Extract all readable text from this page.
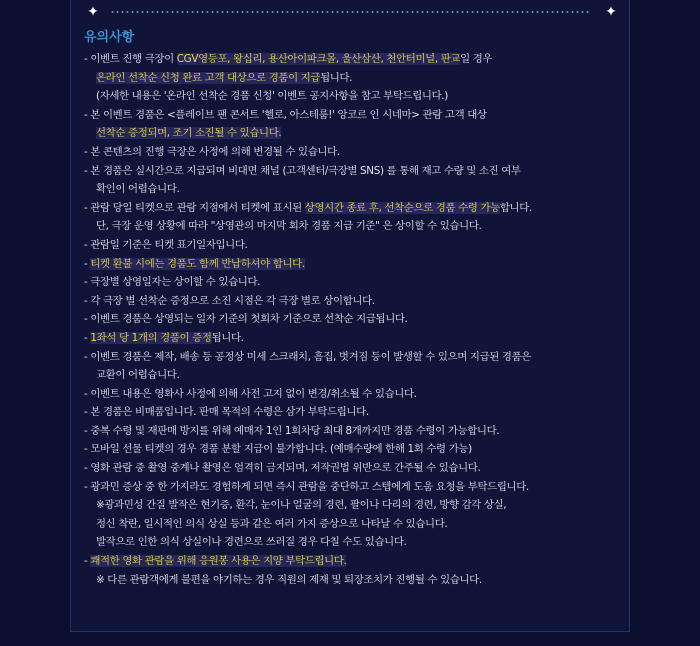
✦	✦
유의사항
- 이벤트 진행 극장이 CGV영등포, 왕십리, 용산아이파크몰, 울산삼산, 천안터미널, 판교일 경우
온라인 선착순 신청 완료 고객 대상으로 경품이 지급됩니다.
(자세한 내용은 '온라인 선착순 경품 신청' 이벤트 공지사항을 참고 부탁드립니다.)
- 본 이벤트 경품은 <플레이브 팬 콘서트 '헬로, 아스테룸!' 앙코르 인 시네마> 관람 고객 대상
선착순 증정되며, 조기 소진될 수 있습니다.
- 본 콘텐츠의 진행 극장은 사정에 의해 변경될 수 있습니다.
- 본 경품은 실시간으로 지급되며 비대면 채널 (고객센터/극장별 SNS) 를 통해 재고 수량 및 소진 여부
확인이 어렵습니다.
- 관람 당일 티켓으로 관람 지점에서 티켓에 표시된 상영시간 종료 후, 선착순으로 경품 수령 가능합니다.
단, 극장 운영 상황에 따라 "상영관의 마지막 회차 경품 지급 기준" 은 상이할 수 있습니다.
- 관람일 기준은 티켓 표기일자입니다.
- 티켓 환불 시에는 경품도 함께 반납하셔야 합니다.
- 극장별 상영일자는 상이할 수 있습니다.
- 각 극장 별 선착순 증정으로 소진 시점은 각 극장 별로 상이합니다.
- 이벤트 경품은 상영되는 일자 기준의 첫회차 기준으로 선착순 지급됩니다.
- 1좌석 당 1개의 경품이 증정됩니다.
- 이벤트 경품은 제작, 배송 등 공정상 미세 스크래치, 흠집, 벗겨짐 등이 발생할 수 있으며 지급된 경품은
교환이 어렵습니다.
- 이벤트 내용은 영화사 사정에 의해 사전 고지 없이 변경/취소될 수 있습니다.
- 본 경품은 비매품입니다. 판매 목적의 수령은 삼가 부탁드립니다.
- 중복 수령 및 재판매 방지를 위해 예매자 1인 1회차당 최대 8개까지만 경품 수령이 가능합니다.
- 모바일 선물 티켓의 경우 경품 분할 지급이 불가합니다. (예매수량에 한해 1회 수령 가능)
- 영화 관람 중 촬영 중계나 촬영은 엄격히 금지되며, 저작권법 위반으로 간주될 수 있습니다.
- 광과민 증상 중 한 가지라도 경험하게 되면 즉시 관람을 중단하고 스텝에게 도움 요청을 부탁드립니다.
※광과민성 간질 발작은 현기증, 환각, 눈이나 얼굴의 경련, 팔이나 다리의 경련, 방향 감각 상실,
정신 착란, 일시적인 의식 상실 등과 같은 여러 가지 증상으로 나타날 수 있습니다.
발작으로 인한 의식 상실이나 경련으로 쓰러질 경우 다칠 수도 있습니다.
- 쾌적한 영화 관람을 위해 응원봉 사용은 지양 부탁드립니다.
※ 다른 관람객에게 불편을 야기하는 경우 직원의 제재 및 퇴장조치가 진행될 수 있습니다.
